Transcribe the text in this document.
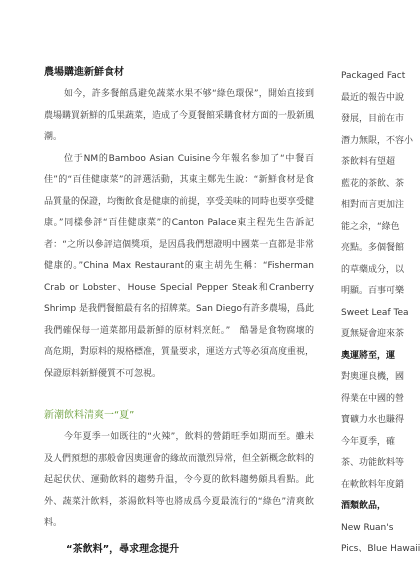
農場購進新鮮食材

如今，許多餐館爲避免蔬菜水果不够“綠色環保”，開始直接到農場購買新鮮的瓜果蔬菜，造成了今夏餐館采購食材方面的一股新風潮。

位于NM的Bamboo Asian Cuisine今年報名参加了“中餐百佳”的“百佳健康菜”的評選活動，其東主鄭先生說：“新鮮食材是食品質量的保證，均衡飲食是健康的前提，享受美味的同時也要享受健康。”同樣參評“百佳健康菜”的Canton Palace東主程先生告訴記者：“之所以參評這個獎項，是因爲我們想證明中國菜一直都是非常健康的。”China Max Restaurant的東主胡先生稱：“Fisherman Crab or Lobster、House Special Pepper Steak和Cranberry Shrimp 是我們餐館最有名的招牌菜。San Diego有許多農場，爲此我們確保每一道菜都用最新鮮的原材料烹飪。”　酷暑是食物腐壞的高危期，對原料的規格標准，質量要求，運送方式等必須高度重視，保證原料新鮮優質不可忽視。

新潮飲料清爽一“夏”

今年夏季一如既往的“火辣”，飲料的營銷旺季如期而至。雖未及人們預想的那般會因奧運會的緣故而激烈异常，但全新概念飲料的起起伏伏、運動飲料的趨勢升温，令今夏的飲料趨勢頗具看點。此外、蔬菜汁飲料，茶湯飲料等也將成爲今夏最流行的“綠色”清爽飲料。

“茶飲料”，尋求理念提升
Packaged Fact
最近的報告中說
發展，目前在市
潛力無限，不容小
茶飲料有望超
藍花的茶飲、茶
相對而言更加注
能之余，“綠色
亮點。多個餐館
的草藥成分，以
明顯。百事可樂
Sweet Leaf Tea
夏無疑會迎來茶
奧運將至，運
對奧運良機，國
得業在中國的營
寶礦力水也賺得
今年夏季，確
茶、功能飲料等
在軟飲料年度銷
酒類飲品，
New Ruan's
Pics、Blue Hawaii
